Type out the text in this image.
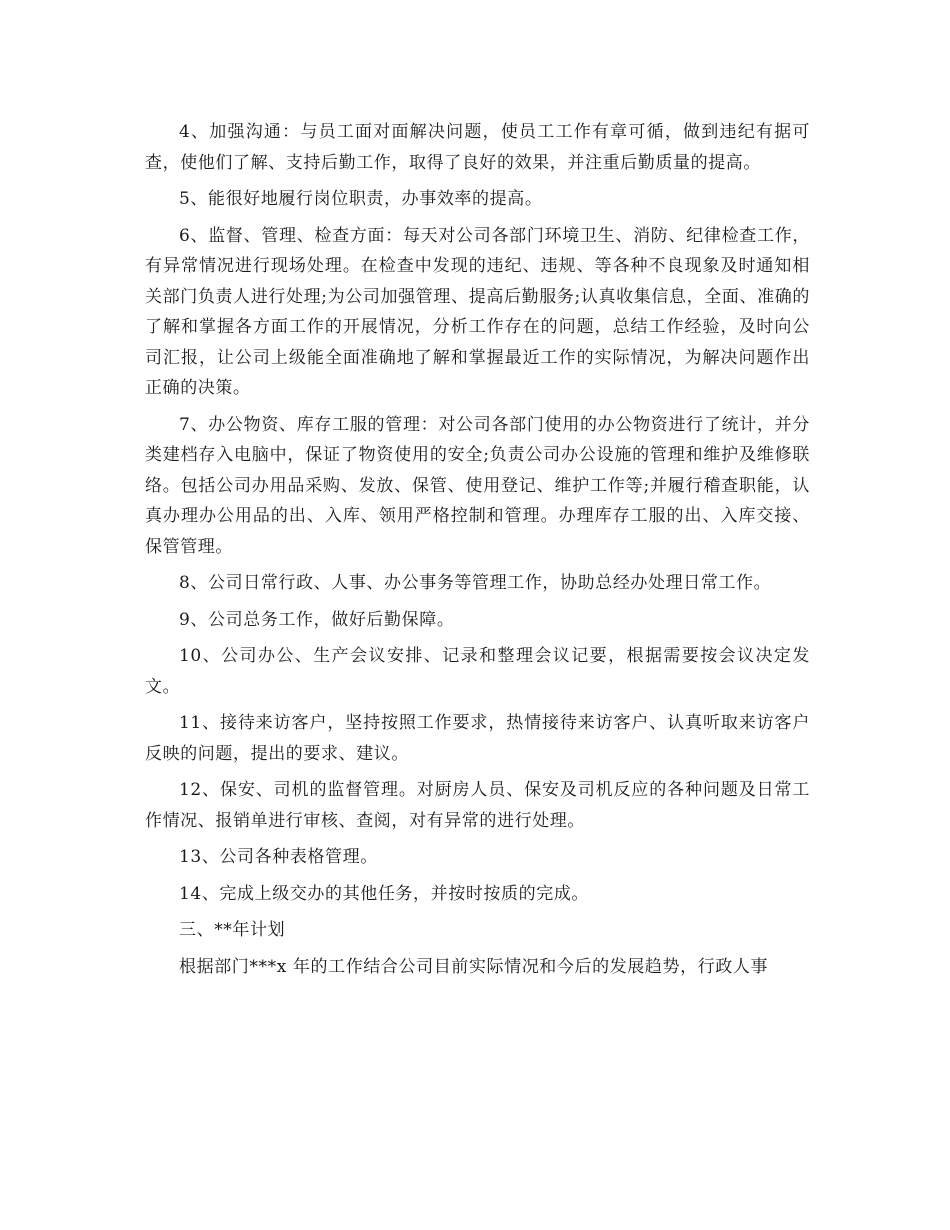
4、加强沟通：与员工面对面解决问题，使员工工作有章可循，做到违纪有据可查，使他们了解、支持后勤工作，取得了良好的效果，并注重后勤质量的提高。

5、能很好地履行岗位职责，办事效率的提高。

6、监督、管理、检查方面：每天对公司各部门环境卫生、消防、纪律检查工作，有异常情况进行现场处理。在检查中发现的违纪、违规、等各种不良现象及时通知相关部门负责人进行处理;为公司加强管理、提高后勤服务;认真收集信息，全面、准确的了解和掌握各方面工作的开展情况，分析工作存在的问题，总结工作经验，及时向公司汇报，让公司上级能全面准确地了解和掌握最近工作的实际情况，为解决问题作出正确的决策。

7、办公物资、库存工服的管理：对公司各部门使用的办公物资进行了统计，并分类建档存入电脑中，保证了物资使用的安全;负责公司办公设施的管理和维护及维修联络。包括公司办用品采购、发放、保管、使用登记、维护工作等;并履行稽查职能，认真办理办公用品的出、入库、领用严格控制和管理。办理库存工服的出、入库交接、保管管理。

8、公司日常行政、人事、办公事务等管理工作，协助总经办处理日常工作。

9、公司总务工作，做好后勤保障。

10、公司办公、生产会议安排、记录和整理会议记要，根据需要按会议决定发文。

11、接待来访客户，坚持按照工作要求，热情接待来访客户、认真听取来访客户反映的问题，提出的要求、建议。

12、保安、司机的监督管理。对厨房人员、保安及司机反应的各种问题及日常工作情况、报销单进行审核、查阅，对有异常的进行处理。

13、公司各种表格管理。

14、完成上级交办的其他任务，并按时按质的完成。

三、**年计划

根据部门***x 年的工作结合公司目前实际情况和今后的发展趋势，行政人事
